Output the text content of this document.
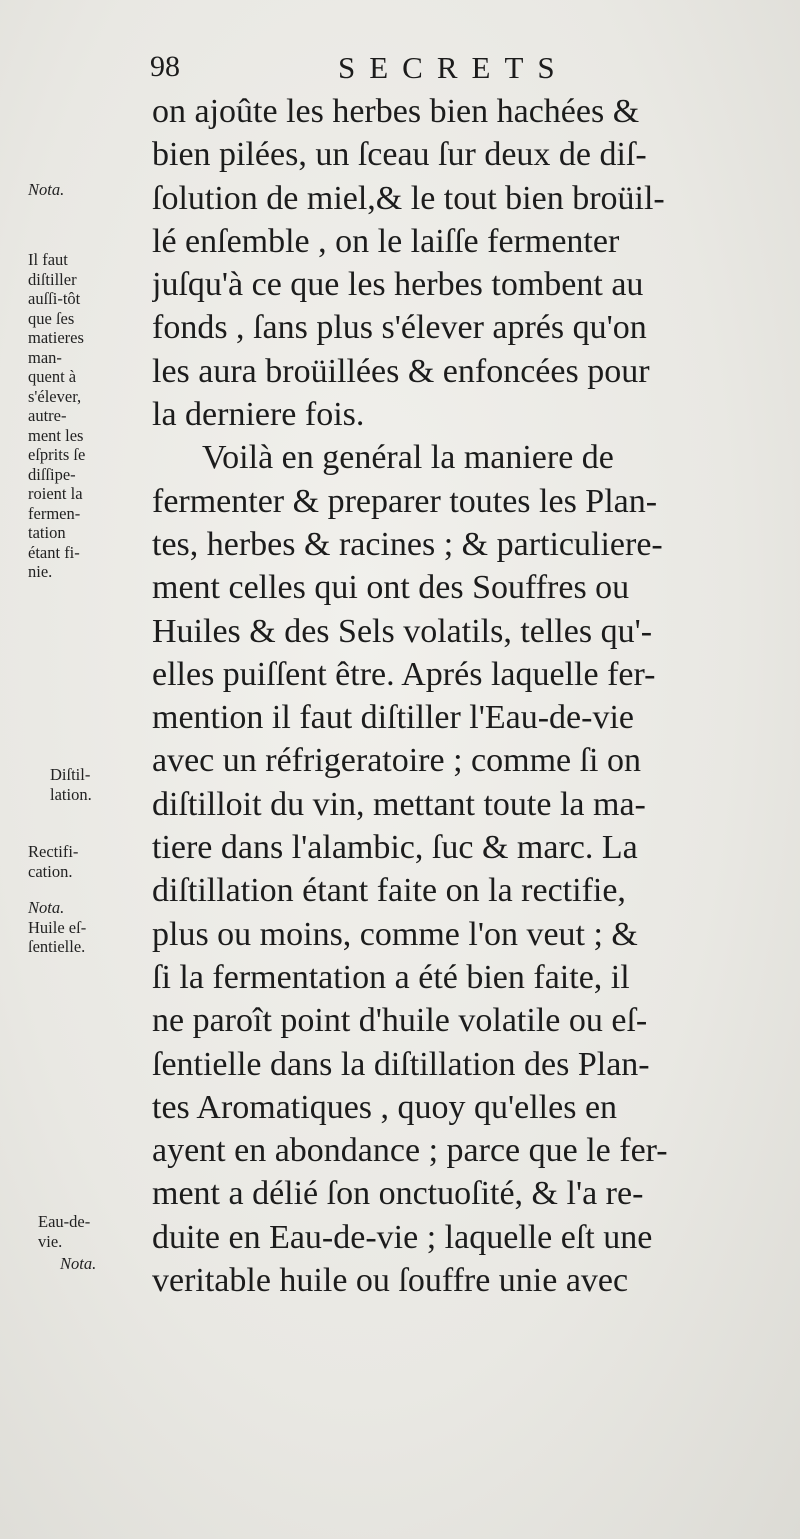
98	SECRETS
on ajoûte les herbes bien hachées &
bien pilées, un ſceau ſur deux de diſ-
ſolution de miel,& le tout bien broüil-
lé enſemble , on le laiſſe fermenter
juſqu'à ce que les herbes tombent au
fonds , ſans plus s'élever aprés qu'on
les aura broüillées & enfoncées pour
la derniere fois.
Voilà en genéral la maniere de
fermenter & preparer toutes les Plan-
tes, herbes & racines ; & particuliere-
ment celles qui ont des Souffres ou
Huiles & des Sels volatils, telles qu'-
elles puiſſent être. Aprés laquelle fer-
mention il faut diſtiller l'Eau-de-vie
avec un réfrigeratoire ; comme ſi on
diſtilloit du vin, mettant toute la ma-
tiere dans l'alambic, ſuc & marc. La
diſtillation étant faite on la rectifie,
plus ou moins, comme l'on veut ; &
ſi la fermentation a été bien faite, il
ne paroît point d'huile volatile ou eſ-
ſentielle dans la diſtillation des Plan-
tes Aromatiques , quoy qu'elles en
ayent en abondance ; parce que le fer-
ment a délié ſon onctuoſité, & l'a re-
duite en Eau-de-vie ; laquelle eſt une
veritable huile ou ſouffre unie avec
Nota.
Il faut
diſtiller
auſſi-tôt
que ſes
matieres
man-
quent à
s'élever,
autre-
ment les
eſprits ſe
diſſipe-
roient la
fermen-
tation
étant fi-
nie.
Diſtil-
lation.
Rectifi-
cation.
Nota.
Huile eſ-
ſentielle.
Eau-de-
vie.
Nota.
